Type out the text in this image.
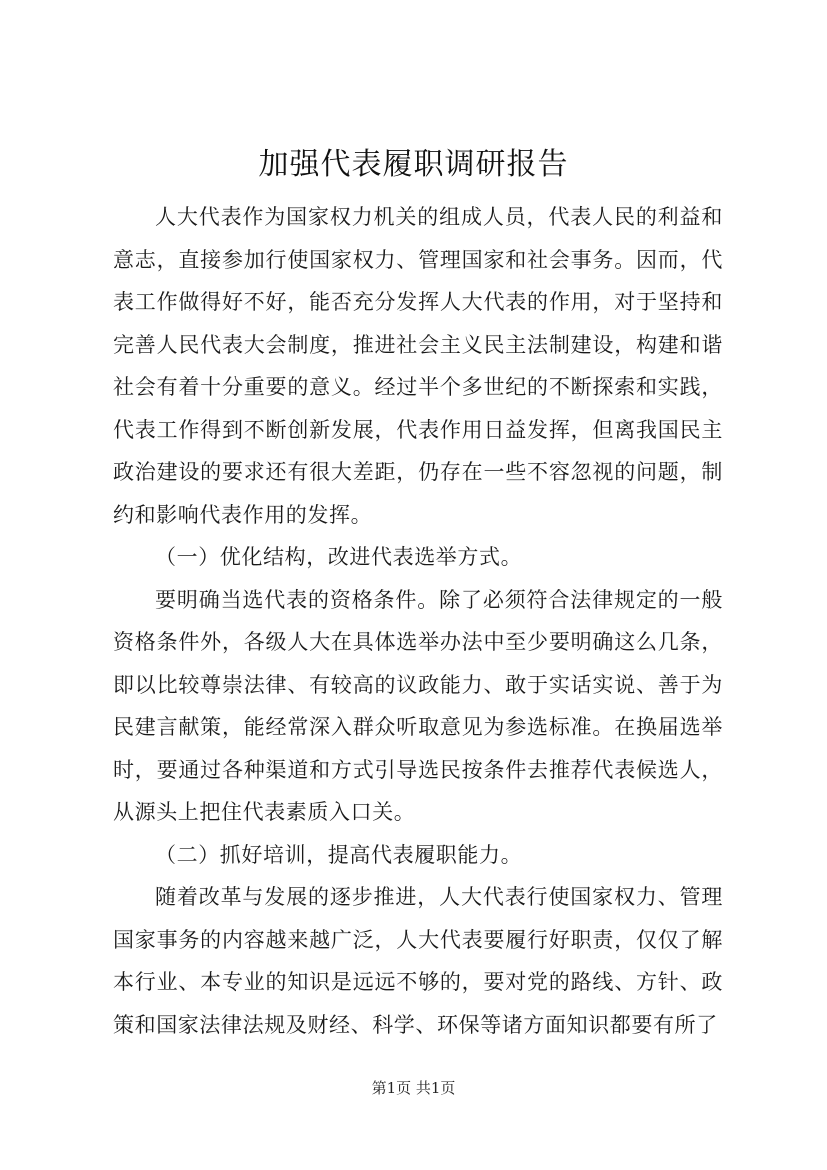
加强代表履职调研报告

人大代表作为国家权力机关的组成人员，代表人民的利益和意志，直接参加行使国家权力、管理国家和社会事务。因而，代表工作做得好不好，能否充分发挥人大代表的作用，对于坚持和完善人民代表大会制度，推进社会主义民主法制建设，构建和谐社会有着十分重要的意义。经过半个多世纪的不断探索和实践，代表工作得到不断创新发展，代表作用日益发挥，但离我国民主政治建设的要求还有很大差距，仍存在一些不容忽视的问题，制约和影响代表作用的发挥。

（一）优化结构，改进代表选举方式。

要明确当选代表的资格条件。除了必须符合法律规定的一般资格条件外，各级人大在具体选举办法中至少要明确这么几条，即以比较尊崇法律、有较高的议政能力、敢于实话实说、善于为民建言献策，能经常深入群众听取意见为参选标准。在换届选举时，要通过各种渠道和方式引导选民按条件去推荐代表候选人，从源头上把住代表素质入口关。

（二）抓好培训，提高代表履职能力。

随着改革与发展的逐步推进，人大代表行使国家权力、管理国家事务的内容越来越广泛，人大代表要履行好职责，仅仅了解本行业、本专业的知识是远远不够的，要对党的路线、方针、政策和国家法律法规及财经、科学、环保等诸方面知识都要有所了

第1页 共1页
